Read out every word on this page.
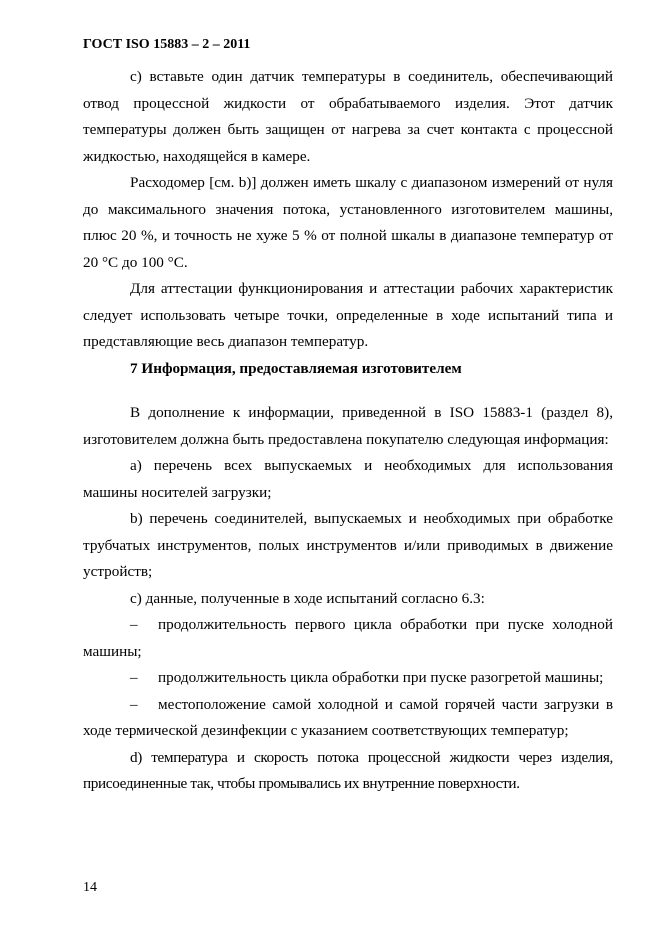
ГОСТ ISO 15883 – 2 – 2011

с) вставьте один датчик температуры в соединитель, обеспечивающий отвод процессной жидкости от обрабатываемого изделия. Этот датчик температуры должен быть защищен от нагрева за счет контакта с процессной жидкостью, находящейся в камере.

Расходомер [см. b)] должен иметь шкалу с диапазоном измерений от нуля до максимального значения потока, установленного изготовителем машины, плюс 20 %, и точность не хуже 5 % от полной шкалы в диапазоне температур от 20 °С до 100 °С.

Для аттестации функционирования и аттестации рабочих характеристик следует использовать четыре точки, определенные в ходе испытаний типа и представляющие весь диапазон температур.

7 Информация, предоставляемая изготовителем

В дополнение к информации, приведенной в ISO 15883-1 (раздел 8), изготовителем должна быть предоставлена покупателю следующая информация:

а) перечень всех выпускаемых и необходимых для использования машины носителей загрузки;

b) перечень соединителей, выпускаемых и необходимых при обработке трубчатых инструментов, полых инструментов и/или приводимых в движение устройств;

с) данные, полученные в ходе испытаний согласно 6.3:

– продолжительность первого цикла обработки при пуске холодной машины;

– продолжительность цикла обработки при пуске разогретой машины;

– местоположение самой холодной и самой горячей части загрузки в ходе термической дезинфекции с указанием соответствующих температур;

d) температура и скорость потока процессной жидкости через изделия, присоединенные так, чтобы промывались их внутренние поверхности.

14
